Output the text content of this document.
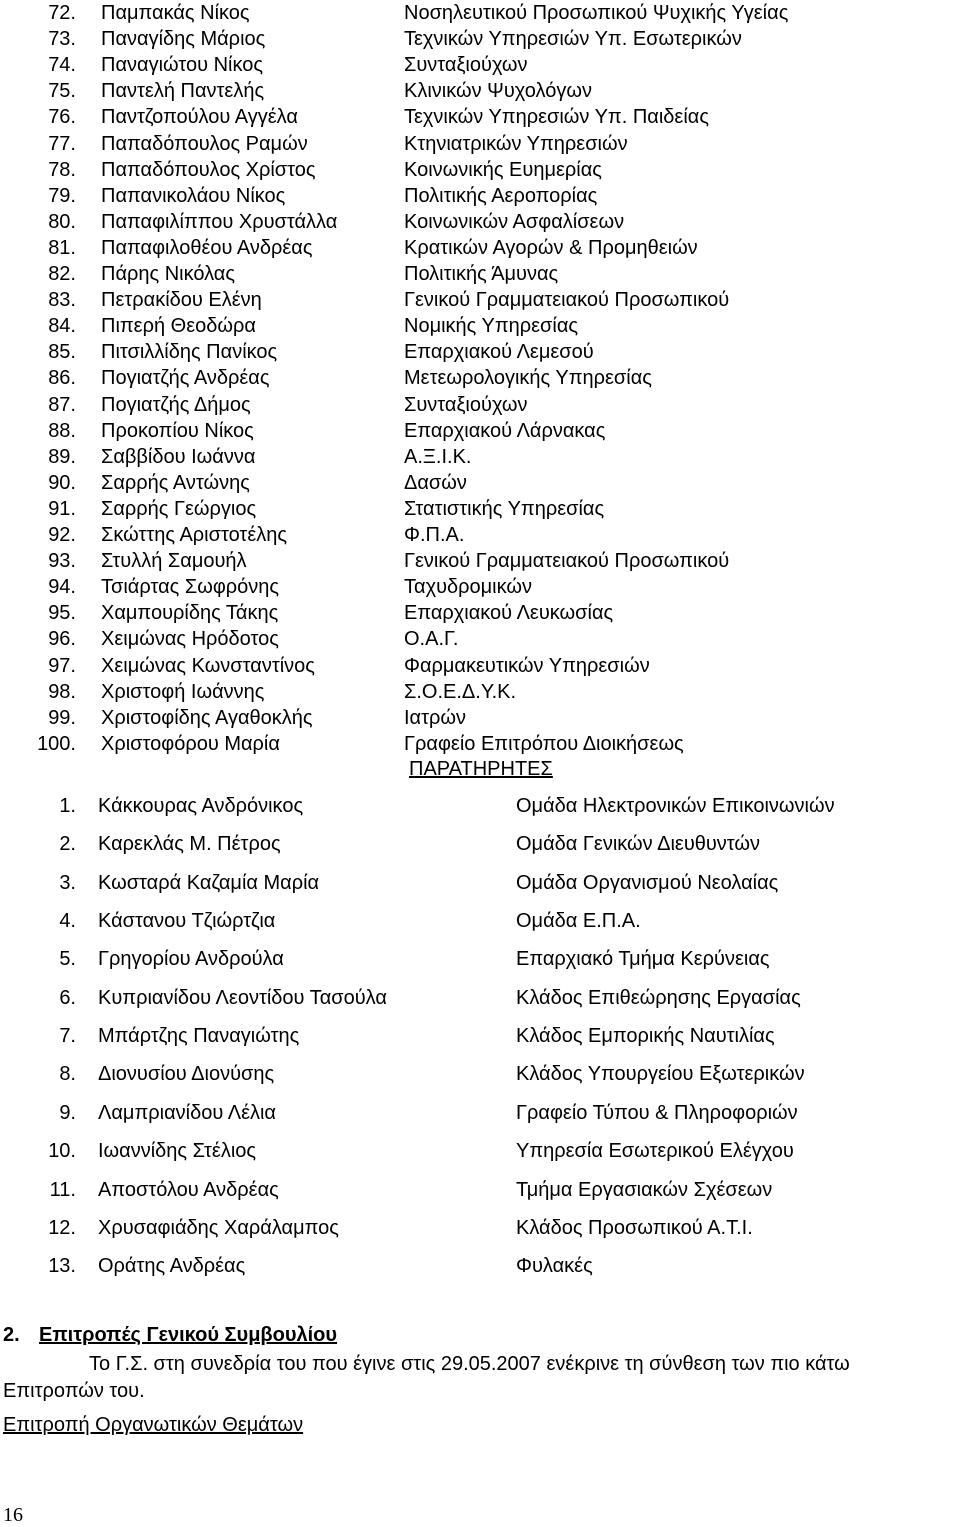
72. Παμπακάς Νίκος	Νοσηλευτικού Προσωπικού Ψυχικής Υγείας
73. Παναγίδης Μάριος	Τεχνικών Υπηρεσιών Υπ. Εσωτερικών
74. Παναγιώτου Νίκος	Συνταξιούχων
75. Παντελή Παντελής	Κλινικών Ψυχολόγων
76. Παντζοπούλου Αγγέλα	Τεχνικών Υπηρεσιών Υπ. Παιδείας
77. Παπαδόπουλος Ραμών	Κτηνιατρικών Υπηρεσιών
78. Παπαδόπουλος Χρίστος	Κοινωνικής Ευημερίας
79. Παπανικολάου Νίκος	Πολιτικής Αεροπορίας
80. Παπαφιλίππου Χρυστάλλα	Κοινωνικών Ασφαλίσεων
81. Παπαφιλοθέου Ανδρέας	Κρατικών Αγορών & Προμηθειών
82. Πάρης Νικόλας	Πολιτικής Άμυνας
83. Πετρακίδου Ελένη	Γενικού Γραμματειακού Προσωπικού
84. Πιπερή Θεοδώρα	Νομικής Υπηρεσίας
85. Πιτσιλλίδης Πανίκος	Επαρχιακού Λεμεσού
86. Πογιατζής Ανδρέας	Μετεωρολογικής Υπηρεσίας
87. Πογιατζής Δήμος	Συνταξιούχων
88. Προκοπίου Νίκος	Επαρχιακού Λάρνακας
89. Σαββίδου Ιωάννα	Α.Ξ.Ι.Κ.
90. Σαρρής Αντώνης	Δασών
91. Σαρρής Γεώργιος	Στατιστικής Υπηρεσίας
92. Σκώττης Αριστοτέλης	Φ.Π.Α.
93. Στυλλή Σαμουήλ	Γενικού Γραμματειακού Προσωπικού
94. Τσιάρτας Σωφρόνης	Ταχυδρομικών
95. Χαμπουρίδης Τάκης	Επαρχιακού Λευκωσίας
96. Χειμώνας Ηρόδοτος	Ο.Α.Γ.
97. Χειμώνας Κωνσταντίνος	Φαρμακευτικών Υπηρεσιών
98. Χριστοφή Ιωάννης	Σ.Ο.Ε.Δ.Υ.Κ.
99. Χριστοφίδης Αγαθοκλής	Ιατρών
100. Χριστοφόρου Μαρία	Γραφείο Επιτρόπου Διοικήσεως
ΠΑΡΑΤΗΡΗΤΕΣ
1. Κάκκουρας Ανδρόνικος	Ομάδα Ηλεκτρονικών Επικοινωνιών
2. Καρεκλάς Μ. Πέτρος	Ομάδα Γενικών Διευθυντών
3. Κωσταρά Καζαμία Μαρία	Ομάδα Οργανισμού Νεολαίας
4. Κάστανου Τζιώρτζια	Ομάδα Ε.Π.Α.
5. Γρηγορίου Ανδρούλα	Επαρχιακό Τμήμα Κερύνειας
6. Κυπριανίδου Λεοντίδου Τασούλα	Κλάδος Επιθεώρησης Εργασίας
7. Μπάρτζης Παναγιώτης	Κλάδος Εμπορικής Ναυτιλίας
8. Διονυσίου Διονύσης	Κλάδος Υπουργείου Εξωτερικών
9. Λαμπριανίδου Λέλια	Γραφείο Τύπου & Πληροφοριών
10. Ιωαννίδης Στέλιος	Υπηρεσία Εσωτερικού Ελέγχου
11. Αποστόλου Ανδρέας	Τμήμα Εργασιακών Σχέσεων
12. Χρυσαφιάδης Χαράλαμπος	Κλάδος Προσωπικού Α.Τ.Ι.
13. Οράτης Ανδρέας	Φυλακές
2. Επιτροπές Γενικού Συμβουλίου
Το Γ.Σ. στη συνεδρία του που έγινε στις 29.05.2007 ενέκρινε τη σύνθεση των πιο κάτω
Επιτροπών του.
Επιτροπή Οργανωτικών Θεμάτων
16
